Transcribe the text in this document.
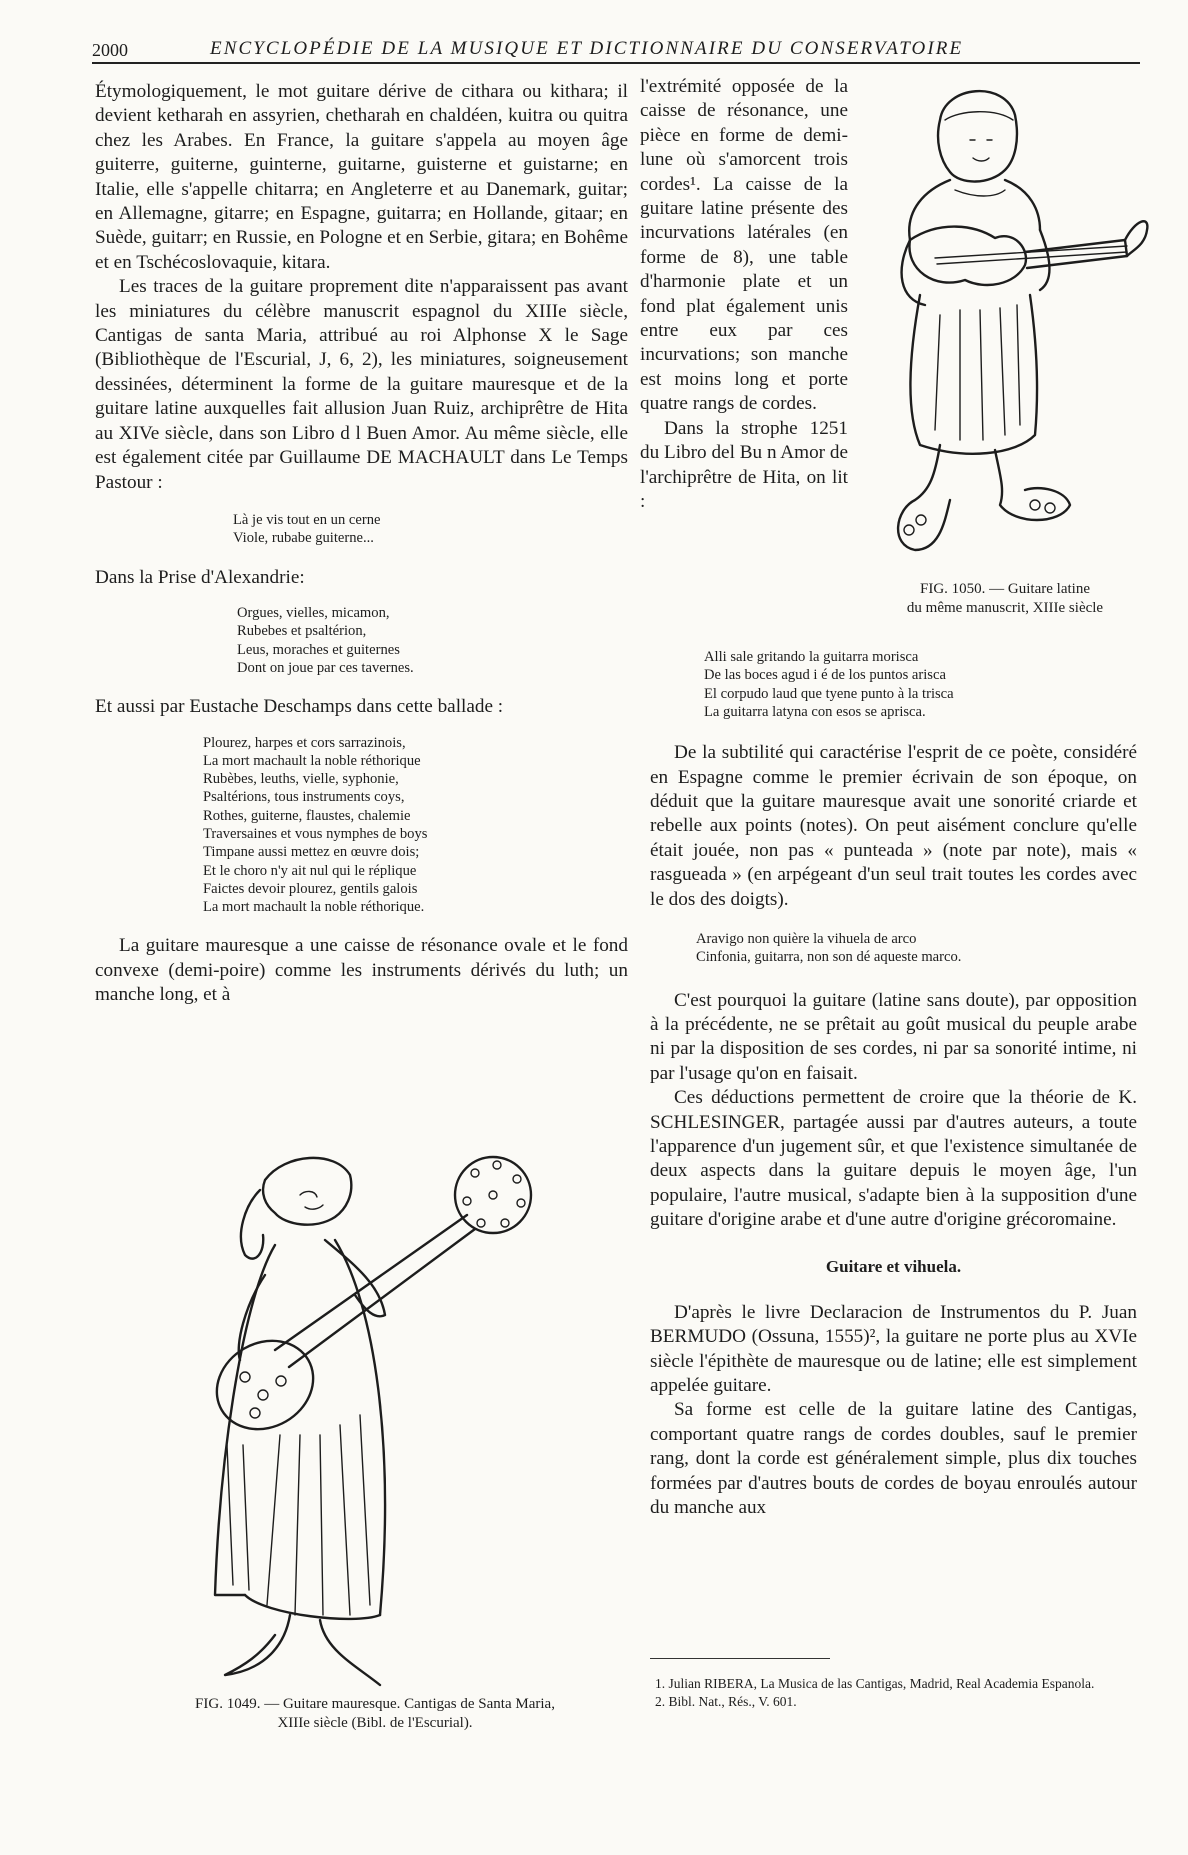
2000	ENCYCLOPÉDIE DE LA MUSIQUE ET DICTIONNAIRE DU CONSERVATOIRE

Étymologiquement, le mot guitare dérive de cithara ou kithara; il devient ketharah en assyrien, chetharah en chaldéen, kuitra ou quitra chez les Arabes. En France, la guitare s'appela au moyen âge guiterre, guiterne, guinterne, guitarne, guisterne et guistarne; en Italie, elle s'appelle chitarra; en Angleterre et au Danemark, guitar; en Allemagne, gitarre; en Espagne, guitarra; en Hollande, gitaar; en Suède, guitarr; en Russie, en Pologne et en Serbie, gitara; en Bohême et en Tschécoslovaquie, kitara.

Les traces de la guitare proprement dite n'apparaissent pas avant les miniatures du célèbre manuscrit espagnol du XIIIe siècle, Cantigas de santa Maria, attribué au roi Alphonse X le Sage (Bibliothèque de l'Escurial, J, 6, 2), les miniatures, soigneusement dessinées, déterminent la forme de la guitare mauresque et de la guitare latine auxquelles fait allusion Juan Ruiz, archiprêtre de Hita au XIVe siècle, dans son Libro d l Buen Amor. Au même siècle, elle est également citée par Guillaume DE MACHAULT dans Le Temps Pastour :

Là je vis tout en un cerne
Viole, rubabe guiterne...

Dans la Prise d'Alexandrie:

Orgues, vielles, micamon,
Rubebes et psaltérion,
Leus, moraches et guiternes
Dont on joue par ces tavernes.

Et aussi par Eustache Deschamps dans cette ballade :

Plourez, harpes et cors sarrazinois,
La mort machault la noble réthorique
Rubèbes, leuths, vielle, syphonie,
Psaltérions, tous instruments coys,
Rothes, guiterne, flaustes, chalemie
Traversaines et vous nymphes de boys
Timpane aussi mettez en œuvre dois;
Et le choro n'y ait nul qui le réplique
Faictes devoir plourez, gentils galois
La mort machault la noble réthorique.

La guitare mauresque a une caisse de résonance ovale et le fond convexe (demi-poire) comme les instruments dérivés du luth; un manche long, et à

FIG. 1049. — Guitare mauresque. Cantigas de Santa Maria,

XIIIe siècle (Bibl. de l'Escurial).

l'extrémité opposée de la caisse de résonance, une pièce en forme de demi-lune où s'amorcent trois cordes¹. La caisse de la guitare latine présente des incurvations latérales (en forme de 8), une table d'harmonie plate et un fond plat également unis entre eux par ces incurvations; son manche est moins long et porte quatre rangs de cordes.

Dans la strophe 1251 du Libro del Bu n Amor de l'archiprêtre de Hita, on lit :

FIG. 1050. — Guitare latine

du même manuscrit, XIIIe siècle

Alli sale gritando la guitarra morisca
De las boces agud i é de los puntos arisca
El corpudo laud que tyene punto à la trisca
La guitarra latyna con esos se aprisca.

De la subtilité qui caractérise l'esprit de ce poète, considéré en Espagne comme le premier écrivain de son époque, on déduit que la guitare mauresque avait une sonorité criarde et rebelle aux points (notes). On peut aisément conclure qu'elle était jouée, non pas « punteada » (note par note), mais « rasgueada » (en arpégeant d'un seul trait toutes les cordes avec le dos des doigts).

Aravigo non quière la vihuela de arco
Cinfonia, guitarra, non son dé aqueste marco.

C'est pourquoi la guitare (latine sans doute), par opposition à la précédente, ne se prêtait au goût musical du peuple arabe ni par la disposition de ses cordes, ni par sa sonorité intime, ni par l'usage qu'on en faisait.

Ces déductions permettent de croire que la théorie de K. SCHLESINGER, partagée aussi par d'autres auteurs, a toute l'apparence d'un jugement sûr, et que l'existence simultanée de deux aspects dans la guitare depuis le moyen âge, l'un populaire, l'autre musical, s'adapte bien à la supposition d'une guitare d'origine arabe et d'une autre d'origine grécoromaine.

Guitare et vihuela.

D'après le livre Declaracion de Instrumentos du P. Juan BERMUDO (Ossuna, 1555)², la guitare ne porte plus au XVIe siècle l'épithète de mauresque ou de latine; elle est simplement appelée guitare.

Sa forme est celle de la guitare latine des Cantigas, comportant quatre rangs de cordes doubles, sauf le premier rang, dont la corde est généralement simple, plus dix touches formées par d'autres bouts de cordes de boyau enroulés autour du manche aux

1. Julian RIBERA, La Musica de las Cantigas, Madrid, Real Academia Espanola.
2. Bibl. Nat., Rés., V. 601.
